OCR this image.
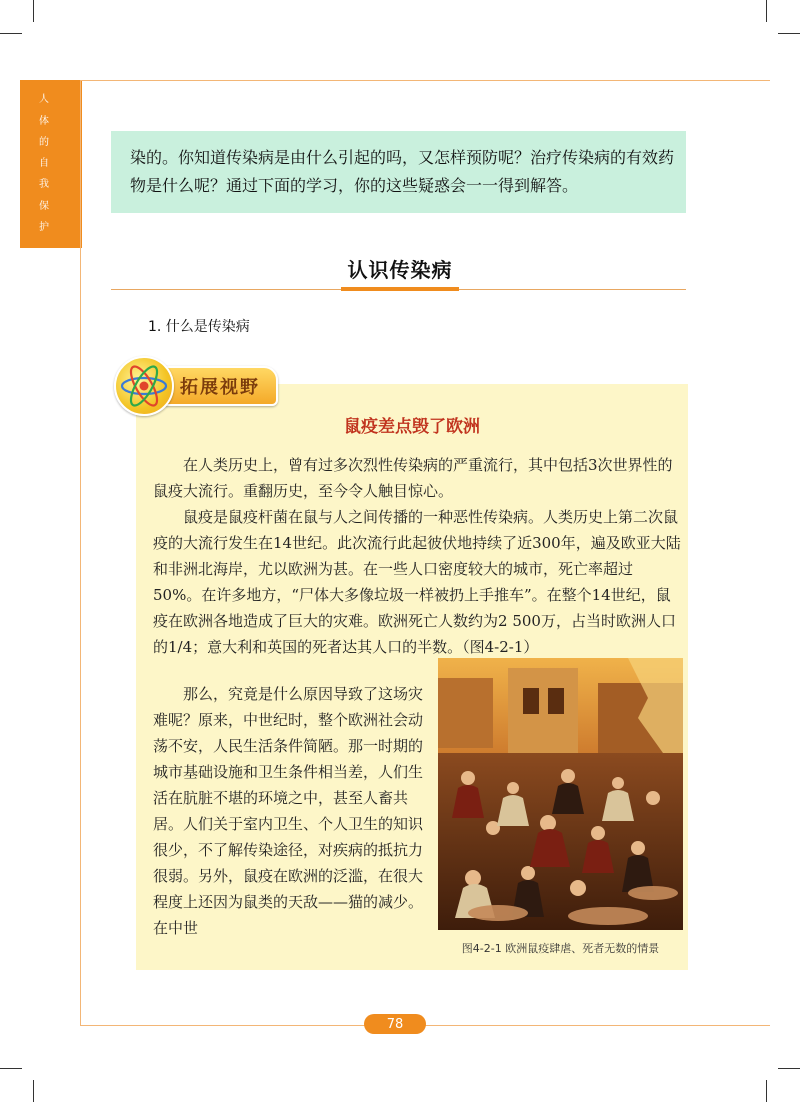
人
体
的
自
我
保
护
染的。你知道传染病是由什么引起的吗，又怎样预防呢？治疗传染病的有效药物是什么呢？通过下面的学习，你的这些疑惑会一一得到解答。
认识传染病
1. 什么是传染病
拓展视野
鼠疫差点毁了欧洲

在人类历史上，曾有过多次烈性传染病的严重流行，其中包括3次世界性的鼠疫大流行。重翻历史，至今令人触目惊心。

鼠疫是鼠疫杆菌在鼠与人之间传播的一种恶性传染病。人类历史上第二次鼠疫的大流行发生在14世纪。此次流行此起彼伏地持续了近300年，遍及欧亚大陆和非洲北海岸，尤以欧洲为甚。在一些人口密度较大的城市，死亡率超过50%。在许多地方，“尸体大多像垃圾一样被扔上手推车”。在整个14世纪，鼠疫在欧洲各地造成了巨大的灾难。欧洲死亡人数约为2 500万，占当时欧洲人口的1/4；意大利和英国的死者达其人口的半数。（图4-2-1）

那么，究竟是什么原因导致了这场灾难呢？原来，中世纪时，整个欧洲社会动荡不安，人民生活条件简陋。那一时期的城市基础设施和卫生条件相当差，人们生活在肮脏不堪的环境之中，甚至人畜共居。人们关于室内卫生、个人卫生的知识很少，不了解传染途径，对疾病的抵抗力很弱。另外，鼠疫在欧洲的泛滥，在很大程度上还因为鼠类的天敌——猫的减少。在中世

图4-2-1 欧洲鼠疫肆虐、死者无数的情景
78
